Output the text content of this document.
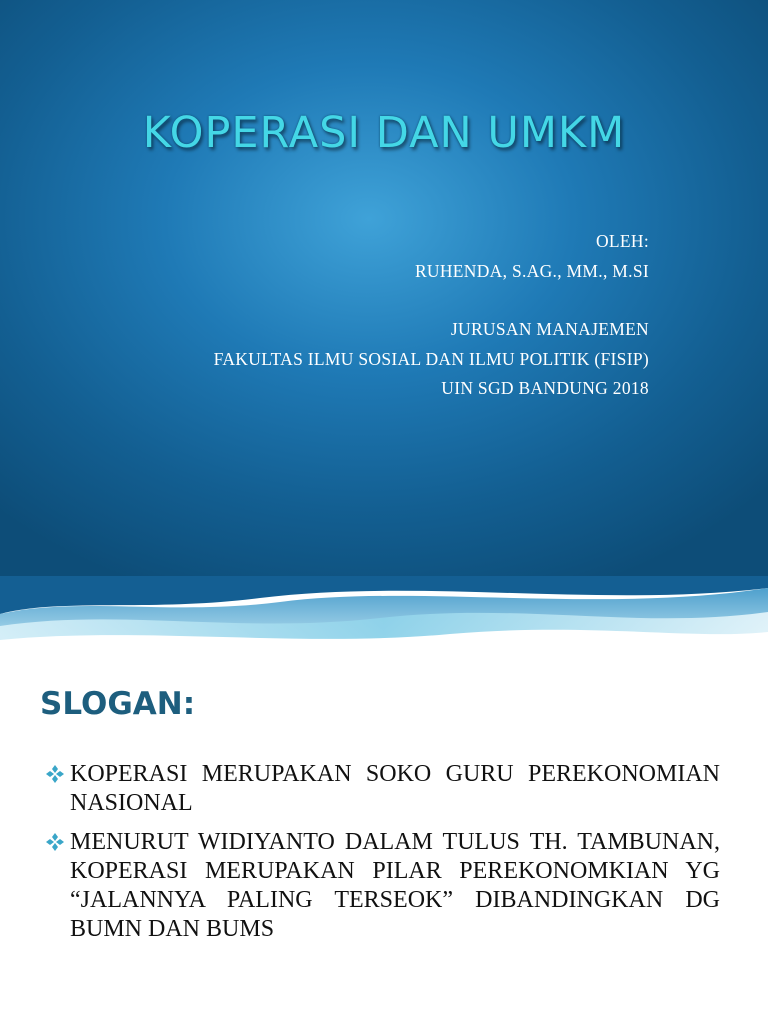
KOPERASI DAN UMKM
OLEH:
RUHENDA, S.AG., MM., M.SI
JURUSAN MANAJEMEN
FAKULTAS ILMU SOSIAL DAN ILMU POLITIK (FISIP)
UIN SGD BANDUNG 2018
SLOGAN:
KOPERASI MERUPAKAN SOKO GURU PEREKONOMIAN NASIONAL
MENURUT WIDIYANTO DALAM TULUS TH. TAMBUNAN, KOPERASI MERUPAKAN PILAR PEREKONOMKIAN YG “JALANNYA PALING TERSEOK” DIBANDINGKAN DG BUMN DAN BUMS
